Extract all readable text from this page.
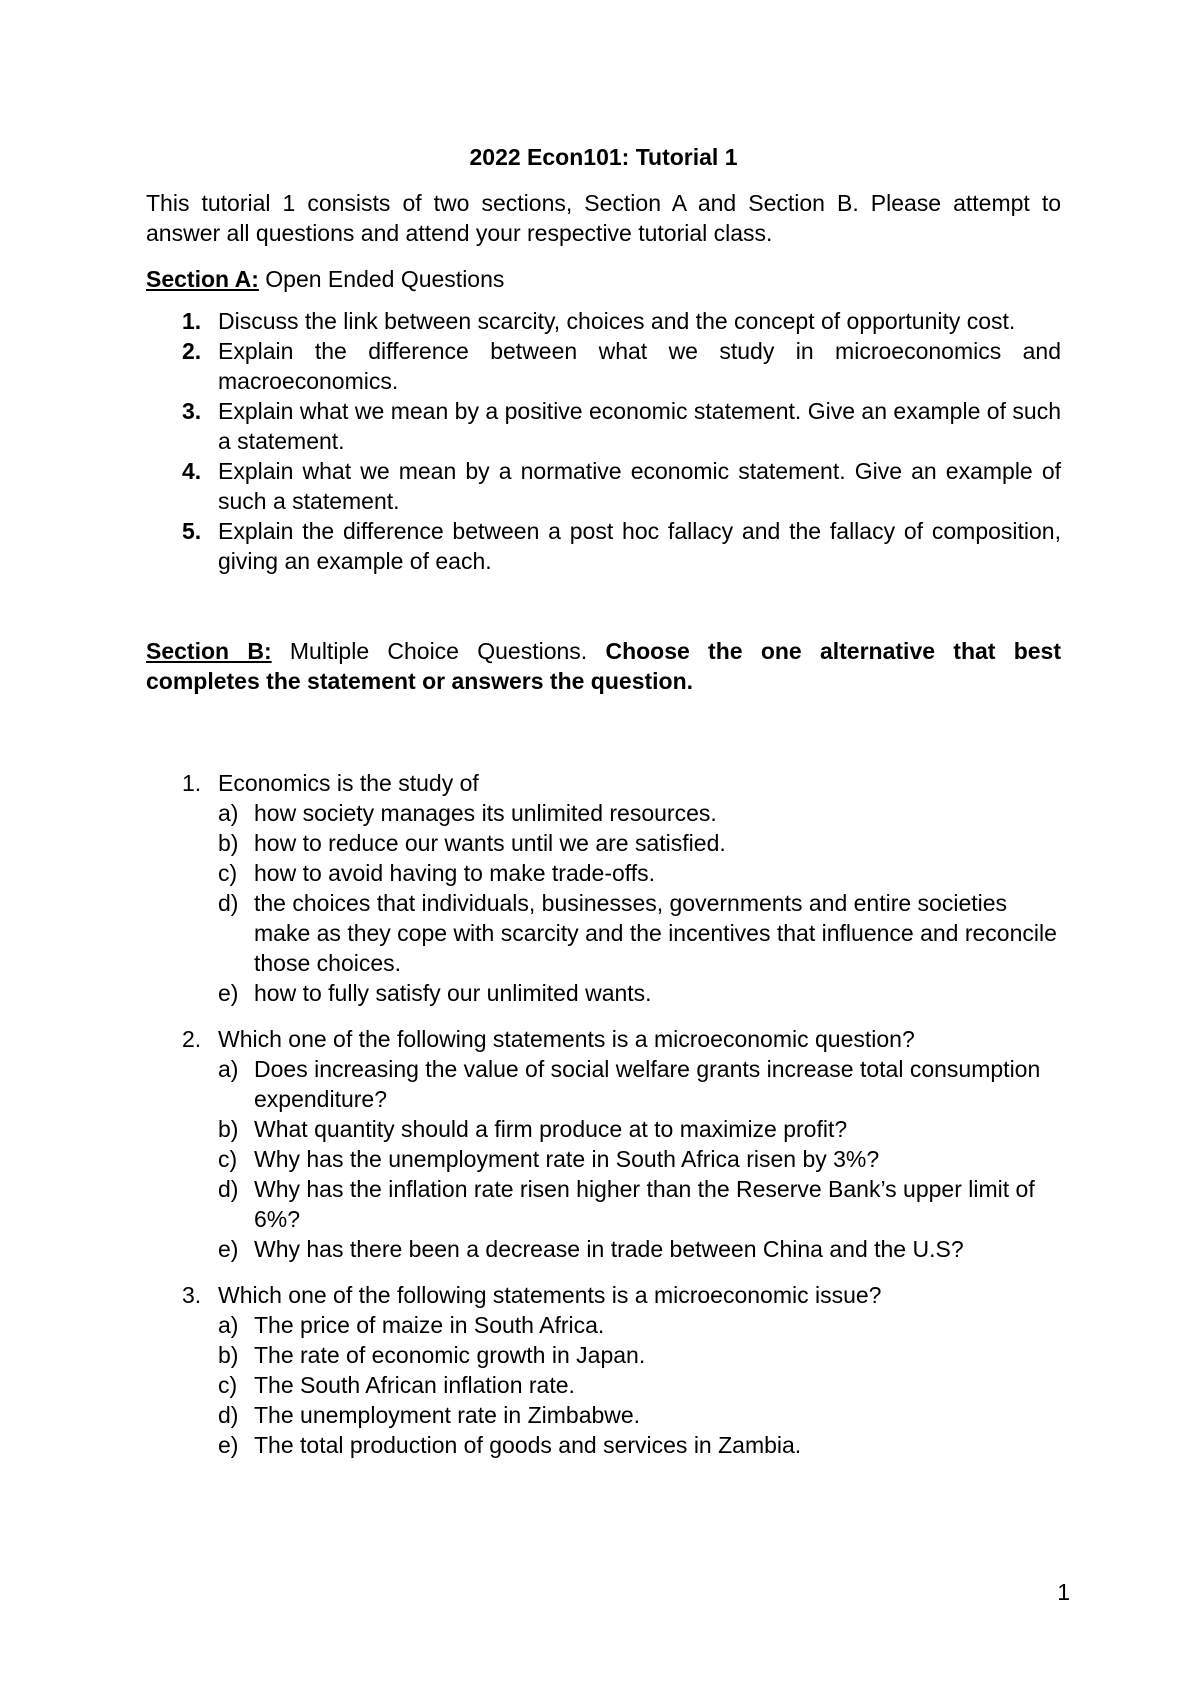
2022 Econ101: Tutorial 1
This tutorial 1 consists of two sections, Section A and Section B. Please attempt to answer all questions and attend your respective tutorial class.
Section A: Open Ended Questions
1. Discuss the link between scarcity, choices and the concept of opportunity cost.
2. Explain the difference between what we study in microeconomics and macroeconomics.
3. Explain what we mean by a positive economic statement. Give an example of such a statement.
4. Explain what we mean by a normative economic statement. Give an example of such a statement.
5. Explain the difference between a post hoc fallacy and the fallacy of composition, giving an example of each.
Section B: Multiple Choice Questions. Choose the one alternative that best completes the statement or answers the question.
1. Economics is the study of
a) how society manages its unlimited resources.
b) how to reduce our wants until we are satisfied.
c) how to avoid having to make trade-offs.
d) the choices that individuals, businesses, governments and entire societies make as they cope with scarcity and the incentives that influence and reconcile those choices.
e) how to fully satisfy our unlimited wants.
2. Which one of the following statements is a microeconomic question?
a) Does increasing the value of social welfare grants increase total consumption expenditure?
b) What quantity should a firm produce at to maximize profit?
c) Why has the unemployment rate in South Africa risen by 3%?
d) Why has the inflation rate risen higher than the Reserve Bank’s upper limit of 6%?
e) Why has there been a decrease in trade between China and the U.S?
3. Which one of the following statements is a microeconomic issue?
a) The price of maize in South Africa.
b) The rate of economic growth in Japan.
c) The South African inflation rate.
d) The unemployment rate in Zimbabwe.
e) The total production of goods and services in Zambia.
1
